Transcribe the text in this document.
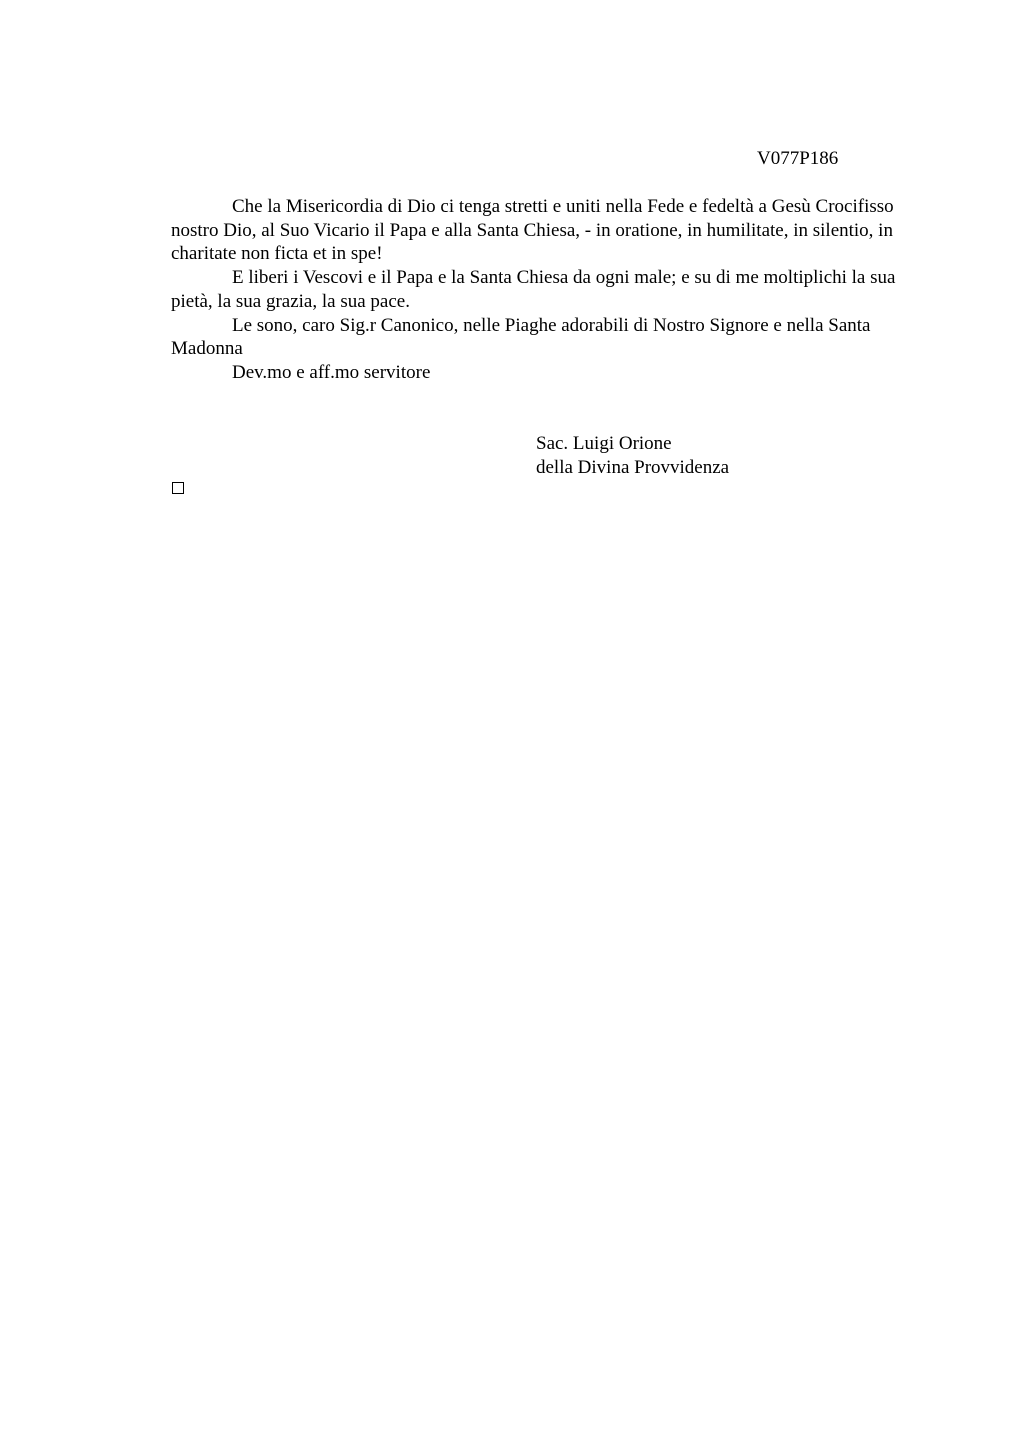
V077P186

Che la Misericordia di Dio ci tenga stretti e uniti nella Fede e fedeltà a Gesù Crocifisso nostro Dio, al Suo Vicario il Papa e alla Santa Chiesa, - in oratione, in humilitate, in silentio, in charitate non ficta et in spe!

E liberi i Vescovi e il Papa e la Santa Chiesa da ogni male; e su di me moltiplichi la sua pietà, la sua grazia, la sua pace.

Le sono, caro Sig.r Canonico, nelle Piaghe adorabili di Nostro Signore e nella Santa Madonna

Dev.mo e aff.mo servitore

Sac. Luigi Orione
della Divina Provvidenza
